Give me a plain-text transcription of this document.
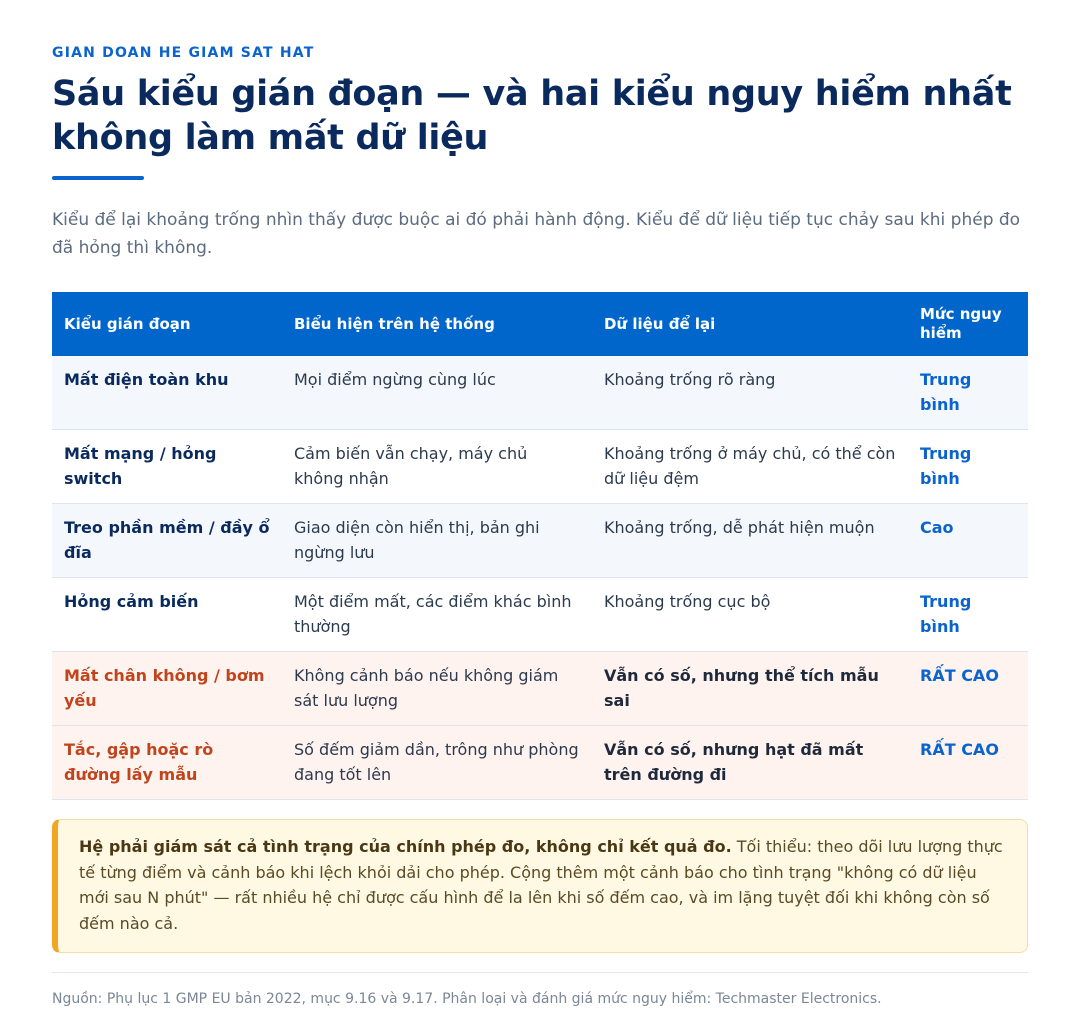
GIAN DOAN HE GIAM SAT HAT
Sáu kiểu gián đoạn — và hai kiểu nguy hiểm nhất không làm mất dữ liệu

Kiểu để lại khoảng trống nhìn thấy được buộc ai đó phải hành động. Kiểu để dữ liệu tiếp tục chảy sau khi phép đo đã hỏng thì không.

Kiểu gián đoạn	Biểu hiện trên hệ thống	Dữ liệu để lại	Mức nguy hiểm
Mất điện toàn khu	Mọi điểm ngừng cùng lúc	Khoảng trống rõ ràng	Trung bình
Mất mạng / hỏng switch	Cảm biến vẫn chạy, máy chủ không nhận	Khoảng trống ở máy chủ, có thể còn dữ liệu đệm	Trung bình
Treo phần mềm / đầy ổ đĩa	Giao diện còn hiển thị, bản ghi ngừng lưu	Khoảng trống, dễ phát hiện muộn	Cao
Hỏng cảm biến	Một điểm mất, các điểm khác bình thường	Khoảng trống cục bộ	Trung bình
Mất chân không / bơm yếu	Không cảnh báo nếu không giám sát lưu lượng	Vẫn có số, nhưng thể tích mẫu sai	RẤT CAO
Tắc, gập hoặc rò đường lấy mẫu	Số đếm giảm dần, trông như phòng đang tốt lên	Vẫn có số, nhưng hạt đã mất trên đường đi	RẤT CAO
Hệ phải giám sát cả tình trạng của chính phép đo, không chỉ kết quả đo. Tối thiểu: theo dõi lưu lượng thực tế từng điểm và cảnh báo khi lệch khỏi dải cho phép. Cộng thêm một cảnh báo cho tình trạng "không có dữ liệu mới sau N phút" — rất nhiều hệ chỉ được cấu hình để la lên khi số đếm cao, và im lặng tuyệt đối khi không còn số đếm nào cả.
Nguồn: Phụ lục 1 GMP EU bản 2022, mục 9.16 và 9.17. Phân loại và đánh giá mức nguy hiểm: Techmaster Electronics.
